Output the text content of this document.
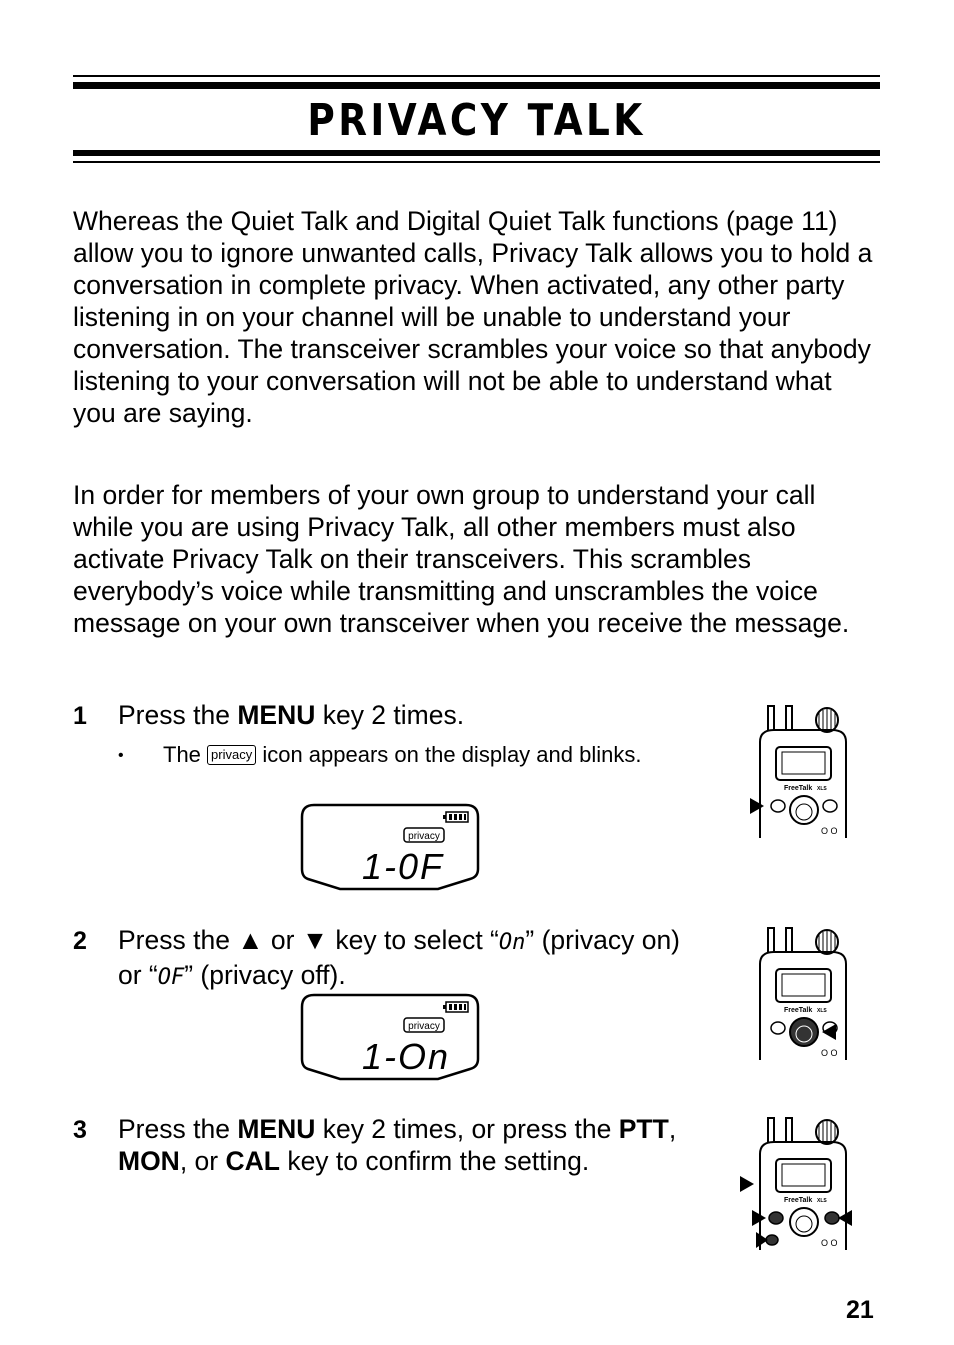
PRIVACY TALK

Whereas the Quiet Talk and Digital Quiet Talk functions (page 11) allow you to ignore unwanted calls, Privacy Talk allows you to hold a conversation in complete privacy. When activated, any other party listening in on your channel will be unable to understand your conversation. The transceiver scrambles your voice so that anybody listening to your conversation will not be able to understand what you are saying.

In order for members of your own group to understand your call while you are using Privacy Talk, all other members must also activate Privacy Talk on their transceivers. This scrambles everybody’s voice while transmitting and unscrambles the voice message on your own transceiver when you receive the message.

1 Press the MENU key 2 times.

• The privacy icon appears on the display and blinks.

privacy
1-0F
FreeTalk XLS
O O
2 Press the ▲ or ▼ key to select “On” (privacy on) or “OF” (privacy off).

privacy
1-On
FreeTalk XLS
O O
3 Press the MENU key 2 times, or press the PTT, MON, or CAL key to confirm the setting.

FreeTalk XLS
O O
21
